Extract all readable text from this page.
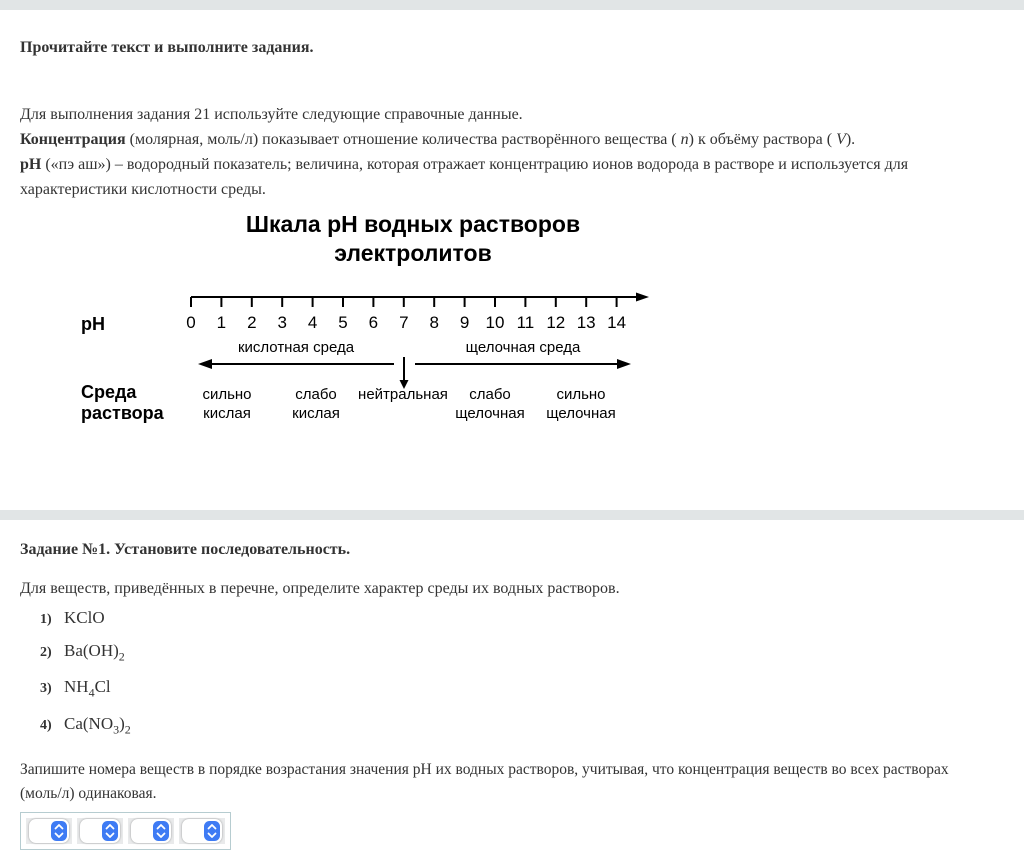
Прочитайте текст и выполните задания.

Для выполнения задания 21 используйте следующие справочные данные.

Концентрация (молярная, моль/л) показывает отношение количества растворённого вещества ( n) к объёму раствора ( V).

pH («пэ аш») – водородный показатель; величина, которая отражает концентрацию ионов водорода в растворе и используется для характеристики кислотности среды.

Шкала pH водных растворов
электролитов
pH	0	1	2	3	4	5	6	7	8	9 10 11 12 13 14
кислотная среда	щелочная среда
Среда
раствора
сильно
кислая
слабо
кислая
нейтральная	слабо
щелочная
сильно
щелочная
Задание №1. Установите последовательность.

Для веществ, приведённых в перечне, определите характер среды их водных растворов.

1) KClO
2) $Ba(OH)_2$
3) $NH_4Cl$
4) $Ca(NO_3)_2$

Запишите номера веществ в порядке возрастания значения pH их водных растворов, учитывая, что концентрация веществ во всех растворах (моль/л) одинаковая.
